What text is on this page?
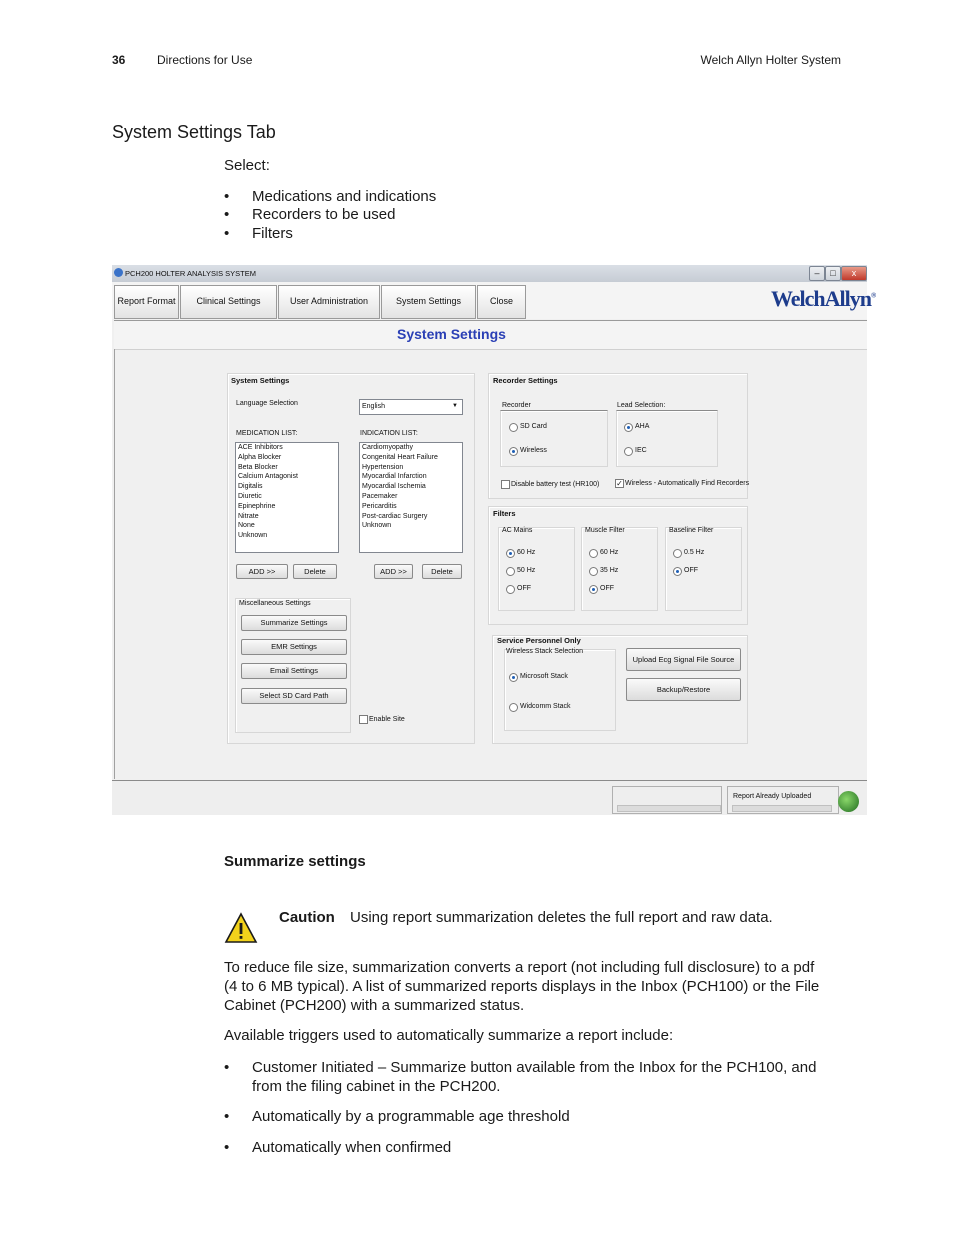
36	Directions for Use	Welch Allyn Holter System
System Settings Tab
Select:
• Medications and indications
• Recorders to be used
• Filters
PCH200 HOLTER ANALYSIS SYSTEM	–	□	x
Report Format	Clinical Settings	User Administration	System Settings	Close	WelchAllyn®
System Settings
System Settings
Language Selection	English	▼
MEDICATION LIST:
ACE Inhibitors
Alpha Blocker
Beta Blocker
Calcium Antagonist
Digitalis
Diuretic
Epinephrine
Nitrate
None
Unknown
INDICATION LIST:
Cardiomyopathy
Congenital Heart Failure
Hypertension
Myocardial Infarction
Myocardial Ischemia
Pacemaker
Pericarditis
Post-cardiac Surgery
Unknown
ADD >>	Delete	ADD >>	Delete
Miscellaneous Settings
Summarize Settings
EMR Settings
Email Settings
Select SD Card Path
Enable Site
Recorder Settings
Recorder
SD Card
Wireless
Lead Selection:
AHA
IEC
Disable battery test (HR100) ✓ Wireless - Automatically Find Recorders
Filters
AC Mains
60 Hz
50 Hz
OFF
Muscle Filter
60 Hz
35 Hz
OFF
Baseline Filter
0.5 Hz
OFF
Service Personnel Only
Wireless Stack Selection
Microsoft Stack
Widcomm Stack
Upload Ecg Signal File Source
Backup/Restore
Report Already Uploaded
Summarize settings
Caution Using report summarization deletes the full report and raw data.
To reduce file size, summarization converts a report (not including full disclosure) to a pdf
(4 to 6 MB typical). A list of summarized reports displays in the Inbox (PCH100) or the File
Cabinet (PCH200) with a summarized status.
Available triggers used to automatically summarize a report include:
• Customer Initiated – Summarize button available from the Inbox for the PCH100, and
from the filing cabinet in the PCH200.
• Automatically by a programmable age threshold
• Automatically when confirmed
